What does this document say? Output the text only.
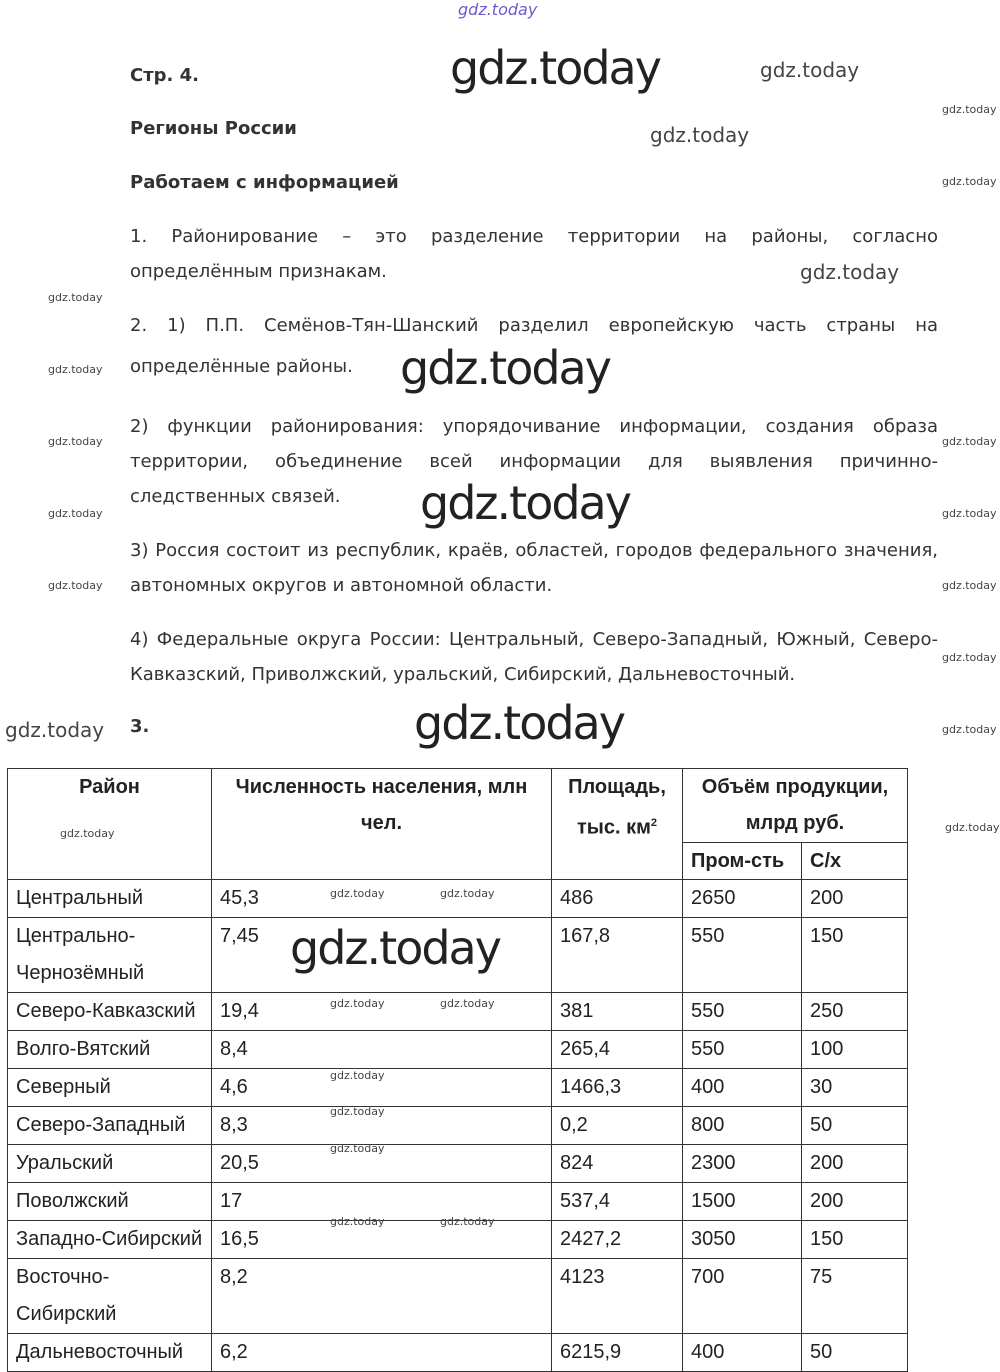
Стр. 4.
Регионы России
Работаем с информацией
1. Районирование – это разделение территории на районы, согласно
определённым признакам.
2. 1) П.П. Семёнов-Тян-Шанский разделил европейскую часть страны на
определённые районы.
2) функции районирования: упорядочивание информации, создания образа
территории, объединение всей информации для выявления причинно-
следственных связей.
3) Россия состоит из республик, краёв, областей, городов федерального значения,
автономных округов и автономной области.
4) Федеральные округа России: Центральный, Северо-Западный, Южный, Северо-
Кавказский, Приволжский, уральский, Сибирский, Дальневосточный.
3.
Район	Численность населения, млн чел.	Площадь, тыс. $км^2$	Объём продукции, млрд руб.	
			Пром-сть	С/х
Центральный	45,3	486	2650	200
Центрально-Чернозёмный	7,45	167,8	550	150
Северо-Кавказский	19,4	381	550	250
Волго-Вятский	8,4	265,4	550	100
Северный	4,6	1466,3	400	30
Северо-Западный	8,3	0,2	800	50
Уральский	20,5	824	2300	200
Поволжский	17	537,4	1500	200
Западно-Сибирский	16,5	2427,2	3050	150
Восточно-Сибирский	8,2	4123	700	75
Дальневосточный	6,2	6215,9	400	50
gdz.today
gdz.today	gdz.today
gdz.today
gdz.today
gdz.today
gdz.today
gdz.today
gdz.today
gdz.today
gdz.today
gdz.today
gdz.today
gdz.today
gdz.today
gdz.today
gdz.today
gdz.today
gdz.today
gdz.today	gdz.today
gdz.today	gdz.today
gdz.today	gdz.today
gdz.today
gdz.today	gdz.today
gdz.today
gdz.today
gdz.today
gdz.today	gdz.today
